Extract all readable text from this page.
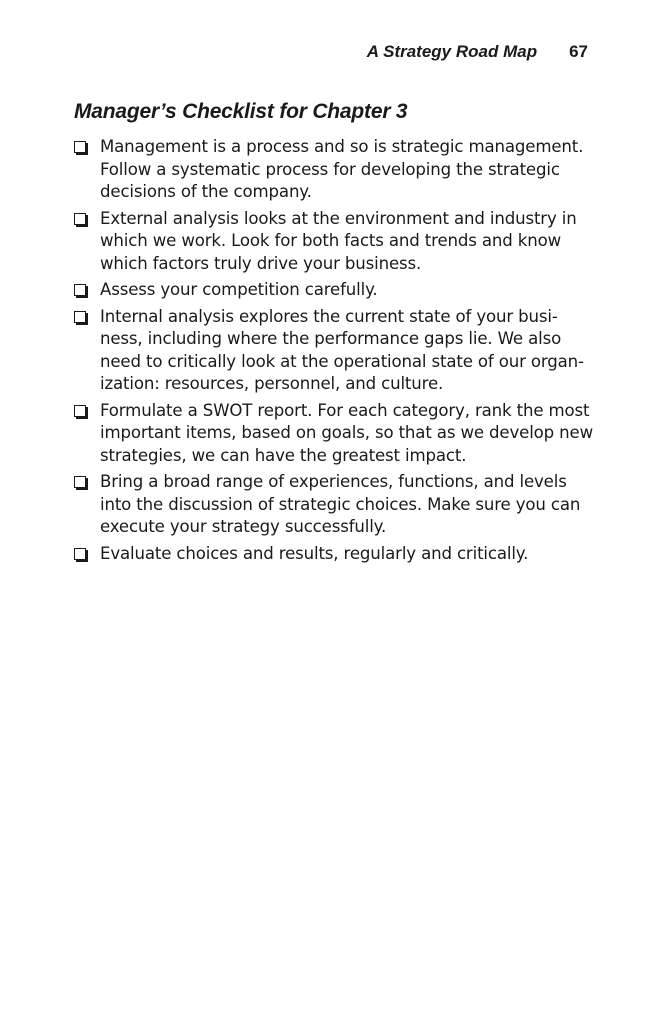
A Strategy Road Map 67
Manager’s Checklist for Chapter 3
Management is a process and so is strategic management. Follow a systematic process for developing the strategic decisions of the company.
External analysis looks at the environment and industry in which we work. Look for both facts and trends and know which factors truly drive your business.
Assess your competition carefully.
Internal analysis explores the current state of your business, including where the performance gaps lie. We also need to critically look at the operational state of our organization: resources, personnel, and culture.
Formulate a SWOT report. For each category, rank the most important items, based on goals, so that as we develop new strategies, we can have the greatest impact.
Bring a broad range of experiences, functions, and levels into the discussion of strategic choices. Make sure you can execute your strategy successfully.
Evaluate choices and results, regularly and critically.
